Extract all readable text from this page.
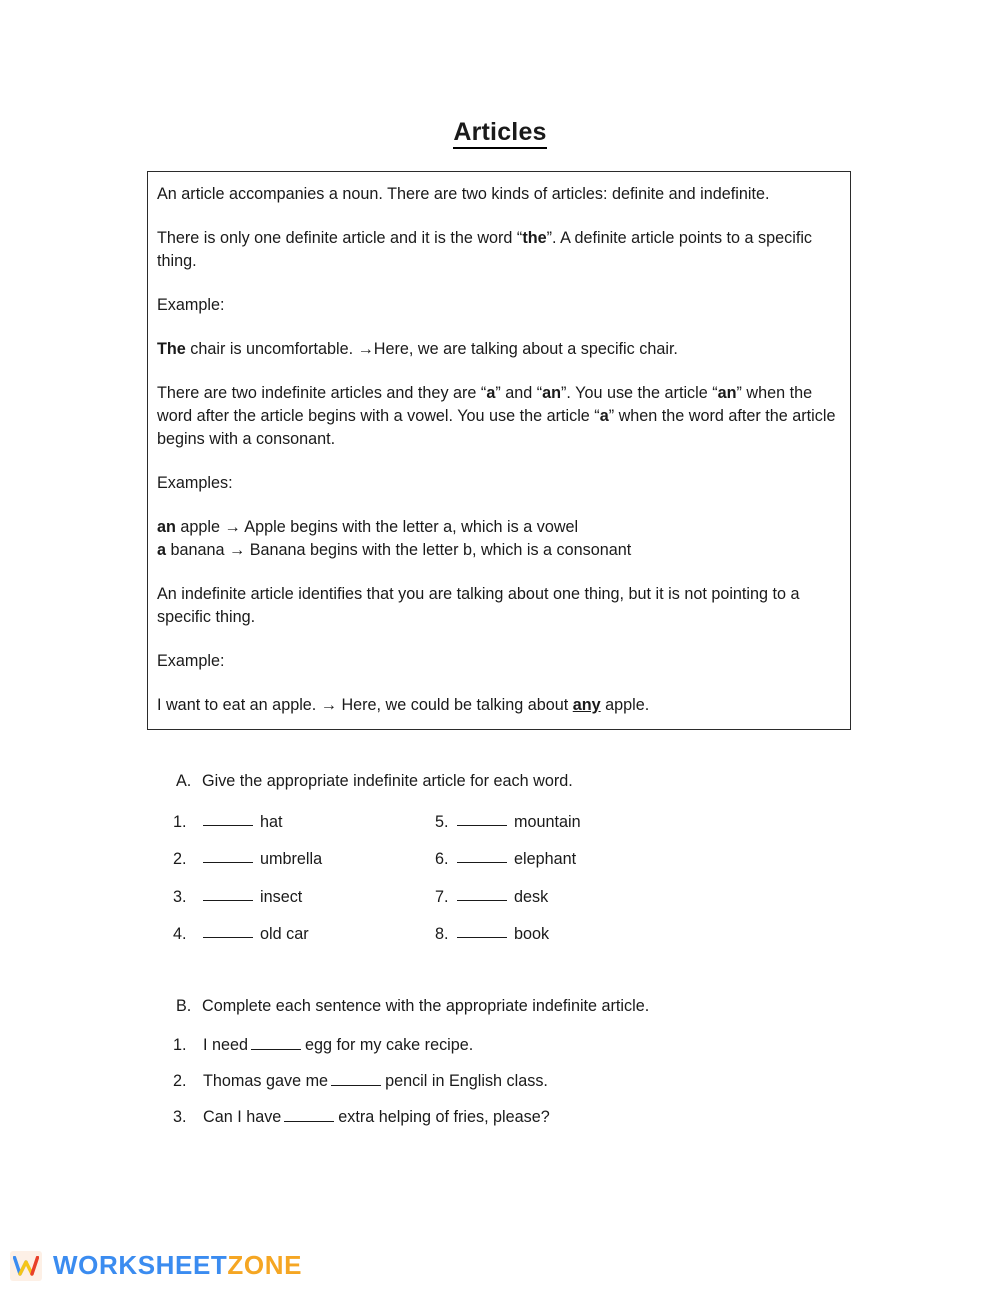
Articles

An article accompanies a noun. There are two kinds of articles: definite and indefinite.

There is only one definite article and it is the word “the”. A definite article points to a specific thing.

Example:

The chair is uncomfortable. →Here, we are talking about a specific chair.

There are two indefinite articles and they are “a” and “an”. You use the article “an” when the word after the article begins with a vowel. You use the article “a” when the word after the article begins with a consonant.

Examples:

an apple → Apple begins with the letter a, which is a vowel
a banana → Banana begins with the letter b, which is a consonant

An indefinite article identifies that you are talking about one thing, but it is not pointing to a specific thing.

Example:

I want to eat an apple. → Here, we could be talking about any apple.

A. Give the appropriate indefinite article for each word.
1.	hat	5.	mountain
2.	umbrella	6.	elephant
3.	insect	7.	desk
4.	old car	8.	book
B. Complete each sentence with the appropriate indefinite article.
1.	I need	egg for my cake recipe.
2.	Thomas gave me	pencil in English class.
3.	Can I have	extra helping of fries, please?
WORKSHEETZONE
